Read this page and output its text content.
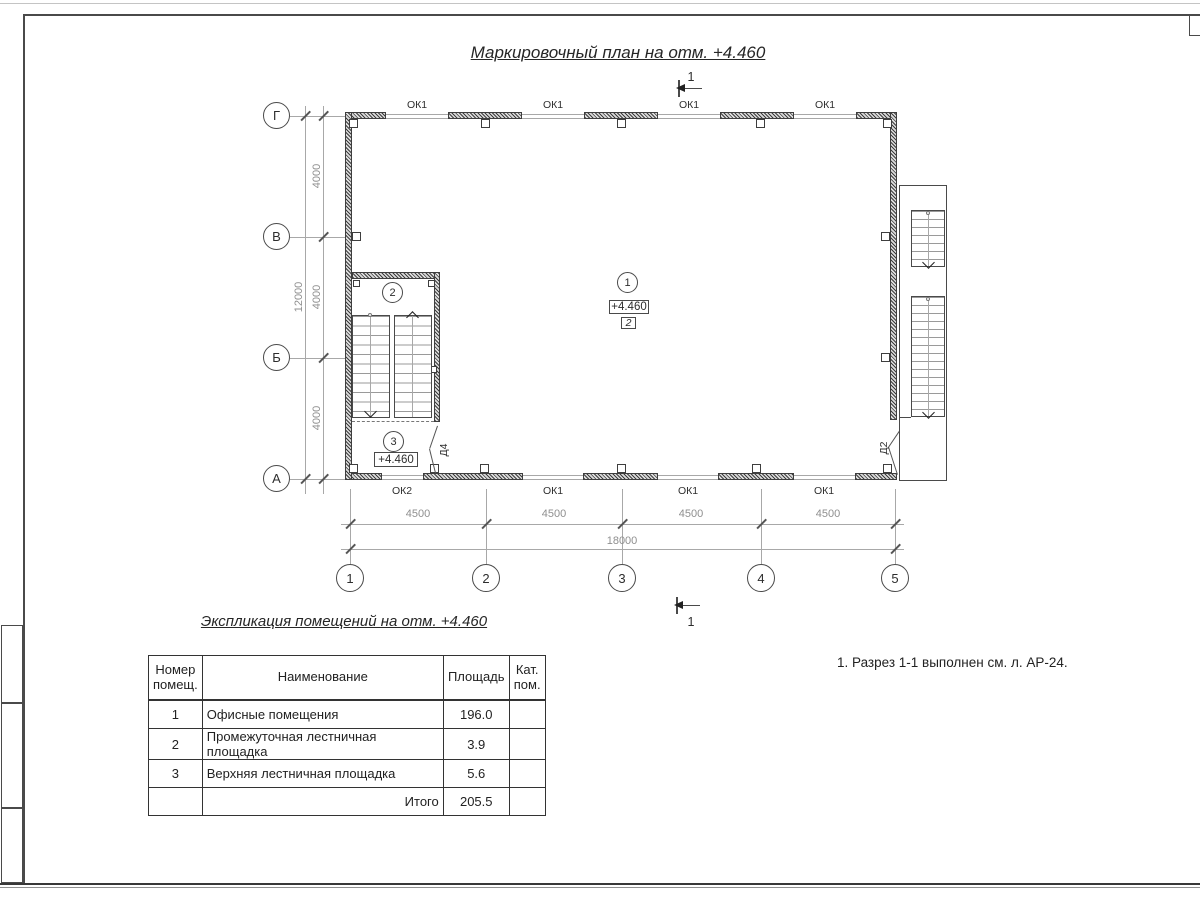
Маркировочный план на отм. +4.460
1
1
Г
В
Б
А
4000
4000
4000
12000
4500	4500	4500	4500
18000
1	2	3	4	5
Д4	Д2
1
2
3
+4.460
2
+4.460
ОК1	ОК1	ОК1	ОК1
ОК2	ОК1	ОК1	ОК1
Экспликация помещений на отм. +4.460
Номер
помещ.	Наименование	Площадь	Кат.
пом.
1	Офисные помещения	196.0	
2	Промежуточная лестничная площадка	3.9	
3	Верхняя лестничная площадка	5.6	
	Итого	205.5	
1. Разрез 1-1 выполнен см. л. АР-24.
